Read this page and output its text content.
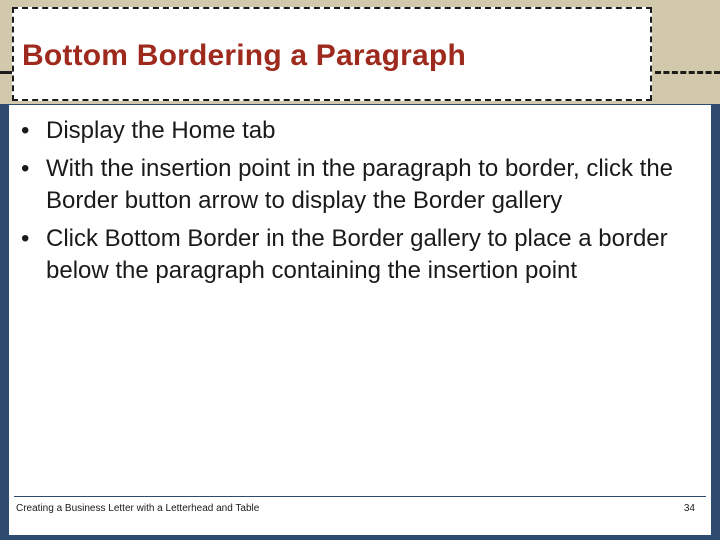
Bottom Bordering a Paragraph
• Display the Home tab
• With the insertion point in the paragraph to border, click the Border button arrow to display the Border gallery
• Click Bottom Border in the Border gallery to place a border below the paragraph containing the insertion point
Creating a Business Letter with a Letterhead and Table	34
